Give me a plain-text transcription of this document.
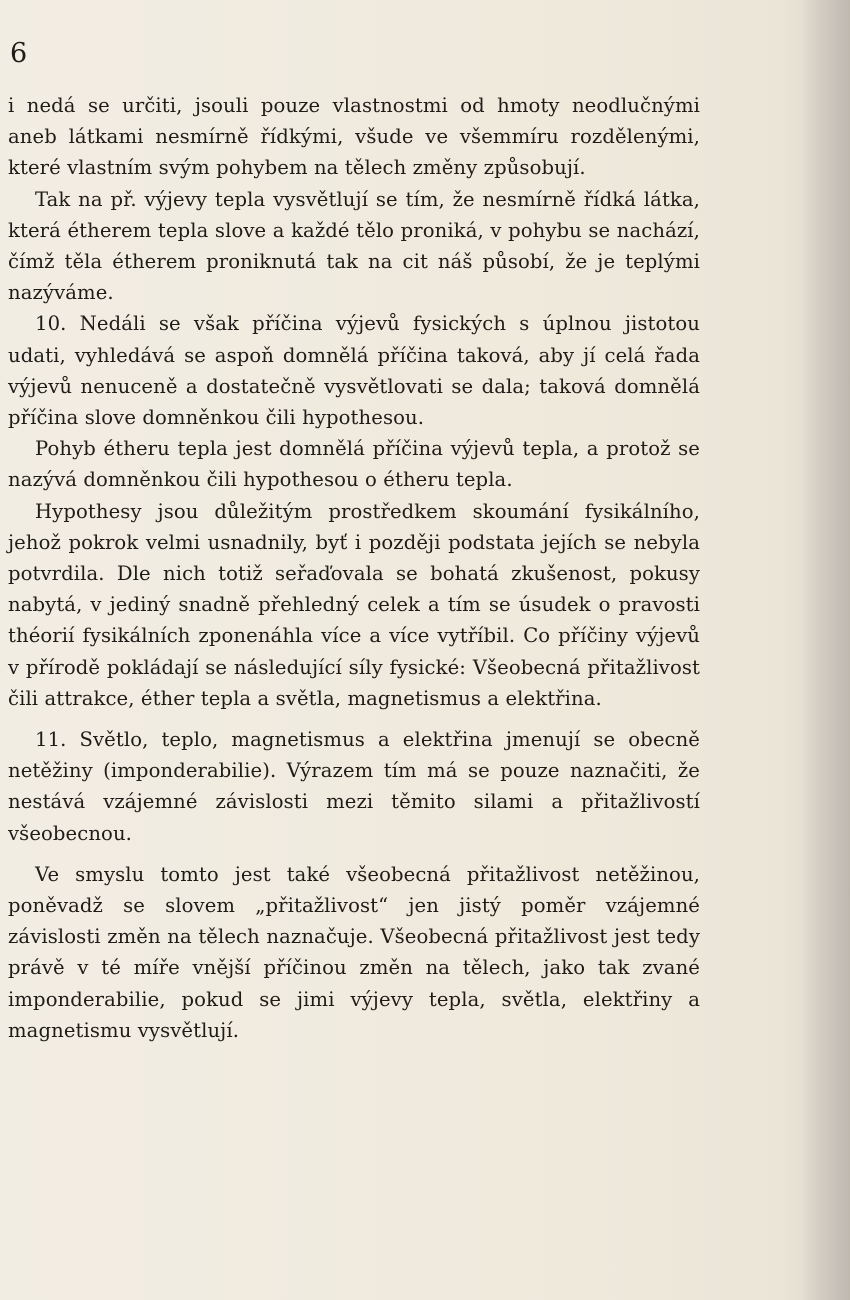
6

i nedá se určiti, jsouli pouze vlastnostmi od hmoty neodlučnými aneb látkami nesmírně řídkými, všude ve všemmíru rozdělenými, které vlastním svým pohybem na tělech změny způsobují.

Tak na př. výjevy tepla vysvětlují se tím, že nesmírně řídká látka, která étherem tepla slove a každé tělo proniká, v pohybu se nachází, čímž těla étherem proniknutá tak na cit náš působí, že je teplými nazýváme.

10. Nedáli se však příčina výjevů fysických s úplnou jistotou udati, vyhledává se aspoň domnělá příčina taková, aby jí celá řada výjevů nenuceně a dostatečně vysvětlovati se dala; taková domnělá příčina slove domněnkou čili hypothesou.

Pohyb étheru tepla jest domnělá příčina výjevů tepla, a protož se nazývá domněnkou čili hypothesou o étheru tepla.

Hypothesy jsou důležitým prostředkem skoumání fysikálního, jehož pokrok velmi usnadnily, byť i později podstata jejích se nebyla potvrdila. Dle nich totiž seřaďovala se bohatá zkušenost, pokusy nabytá, v jediný snadně přehledný celek a tím se úsudek o pravosti théorií fysikálních zponenáhla více a více vytříbil. Co příčiny výjevů v přírodě pokládají se následující síly fysické: Všeobecná přitažlivost čili attrakce, éther tepla a světla, magnetismus a elektřina.

11. Světlo, teplo, magnetismus a elektřina jmenují se obecně netěžiny (imponderabilie). Výrazem tím má se pouze naznačiti, že nestává vzájemné závislosti mezi těmito silami a přitažlivostí všeobecnou.

Ve smyslu tomto jest také všeobecná přitažlivost netěžinou, poněvadž se slovem „přitažlivost“ jen jistý poměr vzájemné závislosti změn na tělech naznačuje. Všeobecná přitažlivost jest tedy právě v té míře vnější příčinou změn na tělech, jako tak zvané imponderabilie, pokud se jimi výjevy tepla, světla, elektřiny a magnetismu vysvětlují.
